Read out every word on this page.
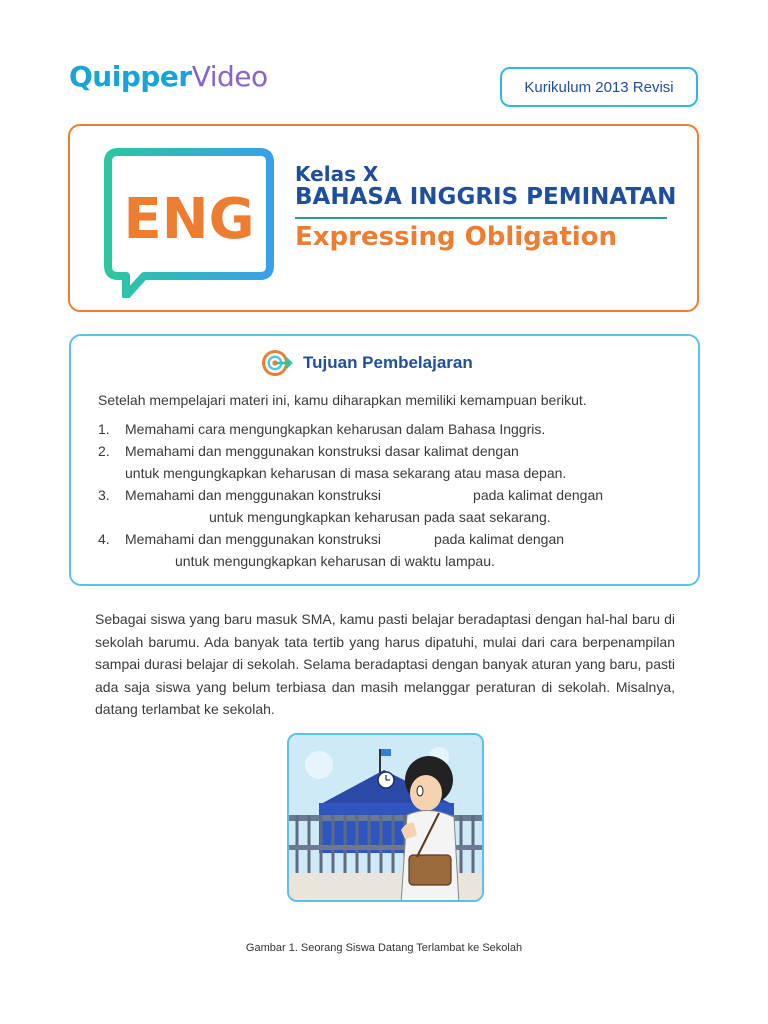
QuipperVideo	Kurikulum 2013 Revisi
ENG
Kelas X
BAHASA INGGRIS PEMINATAN
Expressing Obligation
Tujuan Pembelajaran
Setelah mempelajari materi ini, kamu diharapkan memiliki kemampuan berikut.
1.	Memahami cara mengungkapkan keharusan dalam Bahasa Inggris.
2.	Memahami dan menggunakan konstruksi dasar kalimat dengan
untuk mengungkapkan keharusan di masa sekarang atau masa depan.
3.	Memahami dan menggunakan konstruksi	pada kalimat dengan
untuk mengungkapkan keharusan pada saat sekarang.
4.	Memahami dan menggunakan konstruksi	pada kalimat dengan
untuk mengungkapkan keharusan di waktu lampau.

Sebagai siswa yang baru masuk SMA, kamu pasti belajar beradaptasi dengan hal-hal baru di sekolah barumu. Ada banyak tata tertib yang harus dipatuhi, mulai dari cara berpenampilan sampai durasi belajar di sekolah. Selama beradaptasi dengan banyak aturan yang baru, pasti ada saja siswa yang belum terbiasa dan masih melanggar peraturan di sekolah. Misalnya, datang terlambat ke sekolah.

Gambar 1. Seorang Siswa Datang Terlambat ke Sekolah
